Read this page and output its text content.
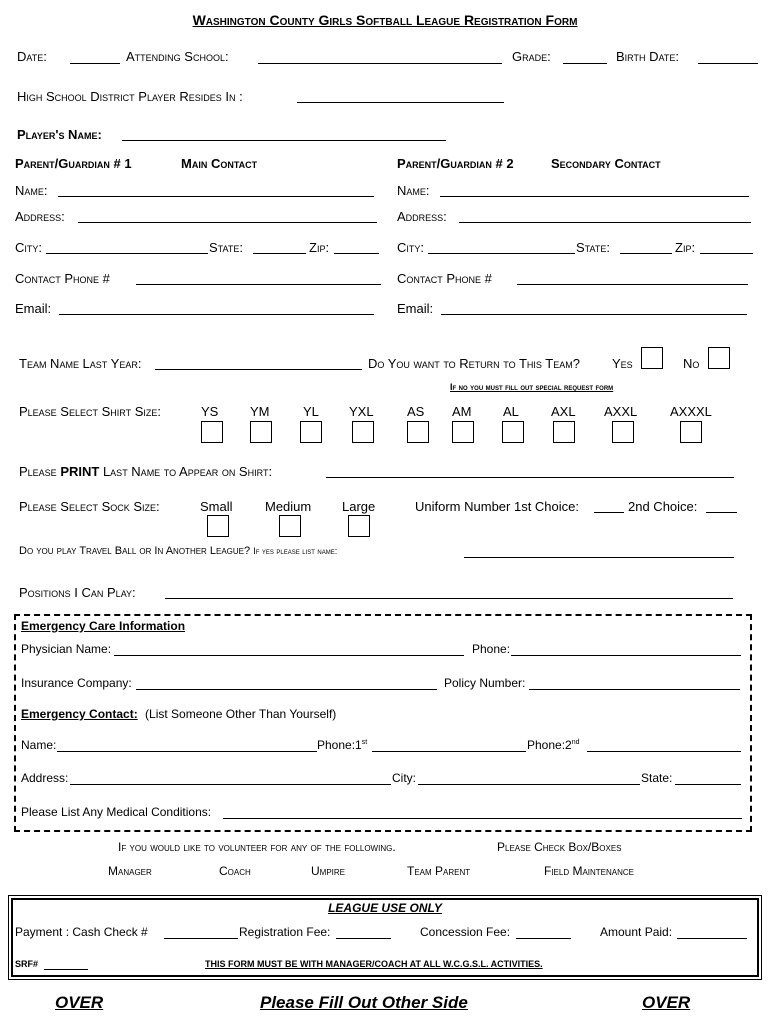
Washington County Girls Softball League Registration Form
Date:	Attending School:	Grade:	Birth Date:
High School District Player Resides In :
Player's Name:
Parent/Guardian # 1	Main Contact
Name:
Address:
City:	State:	Zip:
Contact Phone #
Email:
Parent/Guardian # 2	Secondary Contact
Name:
Address:
City:	State:	Zip:
Contact Phone #
Email:
Team Name Last Year:	Do You want to Return to This Team? Yes	No
If no you must fill out special request form
Please Select Shirt Size:	YS YM	YL YXL	AS AM AL AXL AXXL	AXXXL
Please PRINT Last Name to Appear on Shirt:
Please Select Sock Size:	Small Medium Large	Uniform Number 1st Choice:	2nd Choice:
Do you play Travel Ball or In Another League? If yes please list name:
Positions I Can Play:
Emergency Care Information
Physician Name:	Phone:
Insurance Company:	Policy Number:
Emergency Contact: (List Someone Other Than Yourself)
Name:	Phone:1st	Phone:2nd
Address:	City:	State:
Please List Any Medical Conditions:
If you would like to volunteer for any of the following.	Please Check Box/Boxes
Manager	Coach	Umpire	Team Parent	Field Maintenance
LEAGUE USE ONLY
Payment : Cash Check #	Registration Fee:	Concession Fee:	Amount Paid:
SRF#	THIS FORM MUST BE WITH MANAGER/COACH AT ALL W.C.G.S.L. ACTIVITIES.
OVER	Please Fill Out Other Side	OVER
